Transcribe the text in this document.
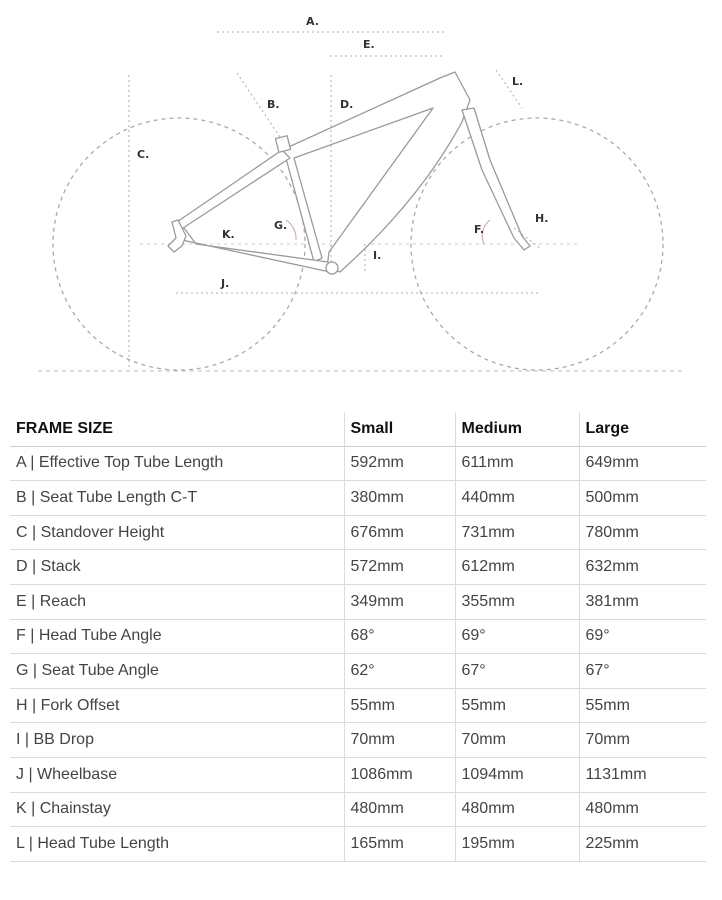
A.
E.
L.
B.	D.
C.
G.
H.
F.
K.
I.
J.
FRAME SIZE	Small	Medium	Large
A | Effective Top Tube Length	592mm	611mm	649mm
B | Seat Tube Length C-T	380mm	440mm	500mm
C | Standover Height	676mm	731mm	780mm
D | Stack	572mm	612mm	632mm
E | Reach	349mm	355mm	381mm
F | Head Tube Angle	68°	69°	69°
G | Seat Tube Angle	62°	67°	67°
H | Fork Offset	55mm	55mm	55mm
I | BB Drop	70mm	70mm	70mm
J | Wheelbase	1086mm	1094mm	1131mm
K | Chainstay	480mm	480mm	480mm
L | Head Tube Length	165mm	195mm	225mm
